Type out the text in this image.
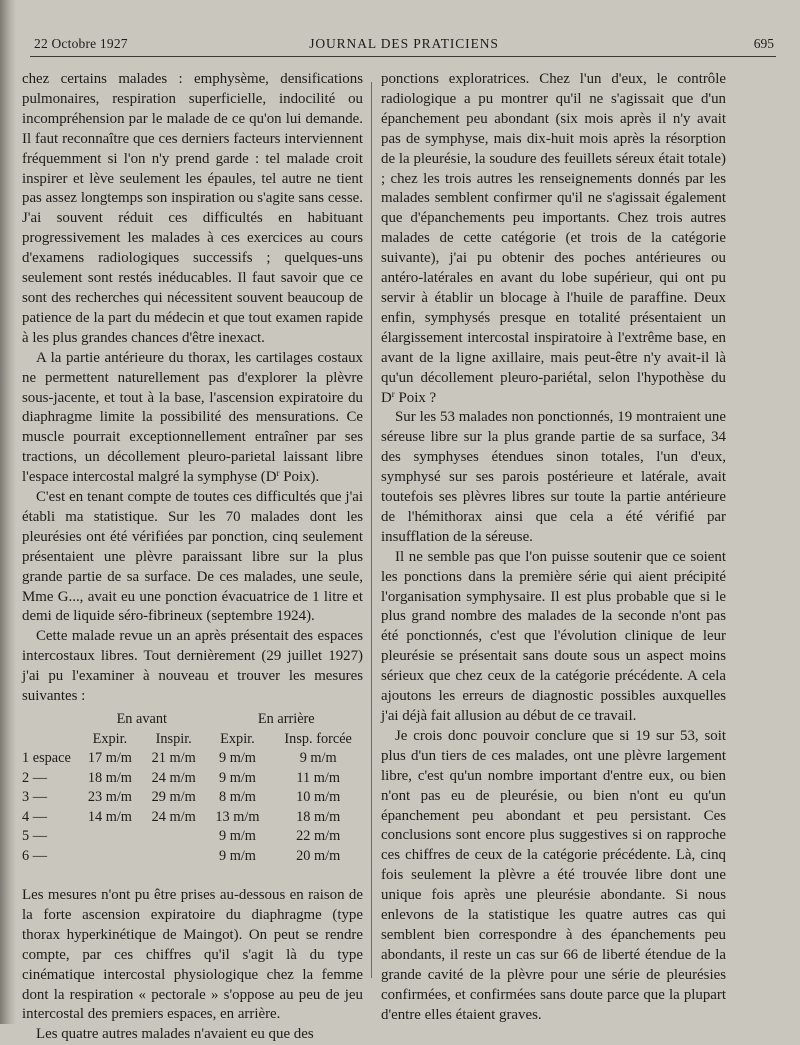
22 Octobre 1927	JOURNAL DES PRATICIENS	695

chez certains malades : emphysème, densifications pulmonaires, respiration superficielle, indocilité ou incompréhension par le malade de ce qu'on lui demande. Il faut reconnaître que ces derniers facteurs interviennent fréquemment si l'on n'y prend garde : tel malade croit inspirer et lève seulement les épaules, tel autre ne tient pas assez longtemps son inspiration ou s'agite sans cesse. J'ai souvent réduit ces difficultés en habituant progressivement les malades à ces exercices au cours d'examens radiologiques successifs ; quelques-uns seulement sont restés inéducables. Il faut savoir que ce sont des recherches qui nécessitent souvent beaucoup de patience de la part du médecin et que tout examen rapide à les plus grandes chances d'être inexact.

A la partie antérieure du thorax, les cartilages costaux ne permettent naturellement pas d'explorer la plèvre sous-jacente, et tout à la base, l'ascension expiratoire du diaphragme limite la possibilité des mensurations. Ce muscle pourrait exceptionnellement entraîner par ses tractions, un décollement pleuro-parietal laissant libre l'espace intercostal malgré la symphyse ($D^r$ Poix).

C'est en tenant compte de toutes ces difficultés que j'ai établi ma statistique. Sur les 70 malades dont les pleurésies ont été vérifiées par ponction, cinq seulement présentaient une plèvre paraissant libre sur la plus grande partie de sa surface. De ces malades, une seule, Mme G..., avait eu une ponction évacuatrice de 1 litre et demi de liquide séro-fibrineux (septembre 1924).

Cette malade revue un an après présentait des espaces intercostaux libres. Tout dernièrement (29 juillet 1927) j'ai pu l'examiner à nouveau et trouver les mesures suivantes :

	En avant		En arrière	
	Expir.	Inspir.	Expir.	Insp. forcée
1 espace	17 m/m	21 m/m	9 m/m	9 m/m
2 —	18 m/m	24 m/m	9 m/m	11 m/m
3 —	23 m/m	29 m/m	8 m/m	10 m/m
4 —	14 m/m	24 m/m	13 m/m	18 m/m
5 —			9 m/m	22 m/m
6 —			9 m/m	20 m/m

Les mesures n'ont pu être prises au-dessous en raison de la forte ascension expiratoire du diaphragme (type thorax hyperkinétique de Maingot). On peut se rendre compte, par ces chiffres qu'il s'agit là du type cinématique intercostal physiologique chez la femme dont la respiration « pectorale » s'oppose au peu de jeu intercostal des premiers espaces, en arrière.

Les quatre autres malades n'avaient eu que des

ponctions exploratrices. Chez l'un d'eux, le contrôle radiologique a pu montrer qu'il ne s'agissait que d'un épanchement peu abondant (six mois après il n'y avait pas de symphyse, mais dix-huit mois après la résorption de la pleurésie, la soudure des feuillets séreux était totale) ; chez les trois autres les renseignements donnés par les malades semblent confirmer qu'il ne s'agissait également que d'épanchements peu importants. Chez trois autres malades de cette catégorie (et trois de la catégorie suivante), j'ai pu obtenir des poches antérieures ou antéro-latérales en avant du lobe supérieur, qui ont pu servir à établir un blocage à l'huile de paraffine. Deux enfin, symphysés presque en totalité présentaient un élargissement intercostal inspiratoire à l'extrême base, en avant de la ligne axillaire, mais peut-être n'y avait-il là qu'un décollement pleuro-pariétal, selon l'hypothèse du $D^r$ Poix ?

Sur les 53 malades non ponctionnés, 19 montraient une séreuse libre sur la plus grande partie de sa surface, 34 des symphyses étendues sinon totales, l'un d'eux, symphysé sur ses parois postérieure et latérale, avait toutefois ses plèvres libres sur toute la partie antérieure de l'hémithorax ainsi que cela a été vérifié par insufflation de la séreuse.

Il ne semble pas que l'on puisse soutenir que ce soient les ponctions dans la première série qui aient précipité l'organisation symphysaire. Il est plus probable que si le plus grand nombre des malades de la seconde n'ont pas été ponctionnés, c'est que l'évolution clinique de leur pleurésie se présentait sans doute sous un aspect moins sérieux que chez ceux de la catégorie précédente. A cela ajoutons les erreurs de diagnostic possibles auxquelles j'ai déjà fait allusion au début de ce travail.

Je crois donc pouvoir conclure que si 19 sur 53, soit plus d'un tiers de ces malades, ont une plèvre largement libre, c'est qu'un nombre important d'entre eux, ou bien n'ont pas eu de pleurésie, ou bien n'ont eu qu'un épanchement peu abondant et peu persistant. Ces conclusions sont encore plus suggestives si on rapproche ces chiffres de ceux de la catégorie précédente. Là, cinq fois seulement la plèvre a été trouvée libre dont une unique fois après une pleurésie abondante. Si nous enlevons de la statistique les quatre autres cas qui semblent bien correspondre à des épanchements peu abondants, il reste un cas sur 66 de liberté étendue de la grande cavité de la plèvre pour une série de pleurésies confirmées, et confirmées sans doute parce que la plupart d'entre elles étaient graves.
